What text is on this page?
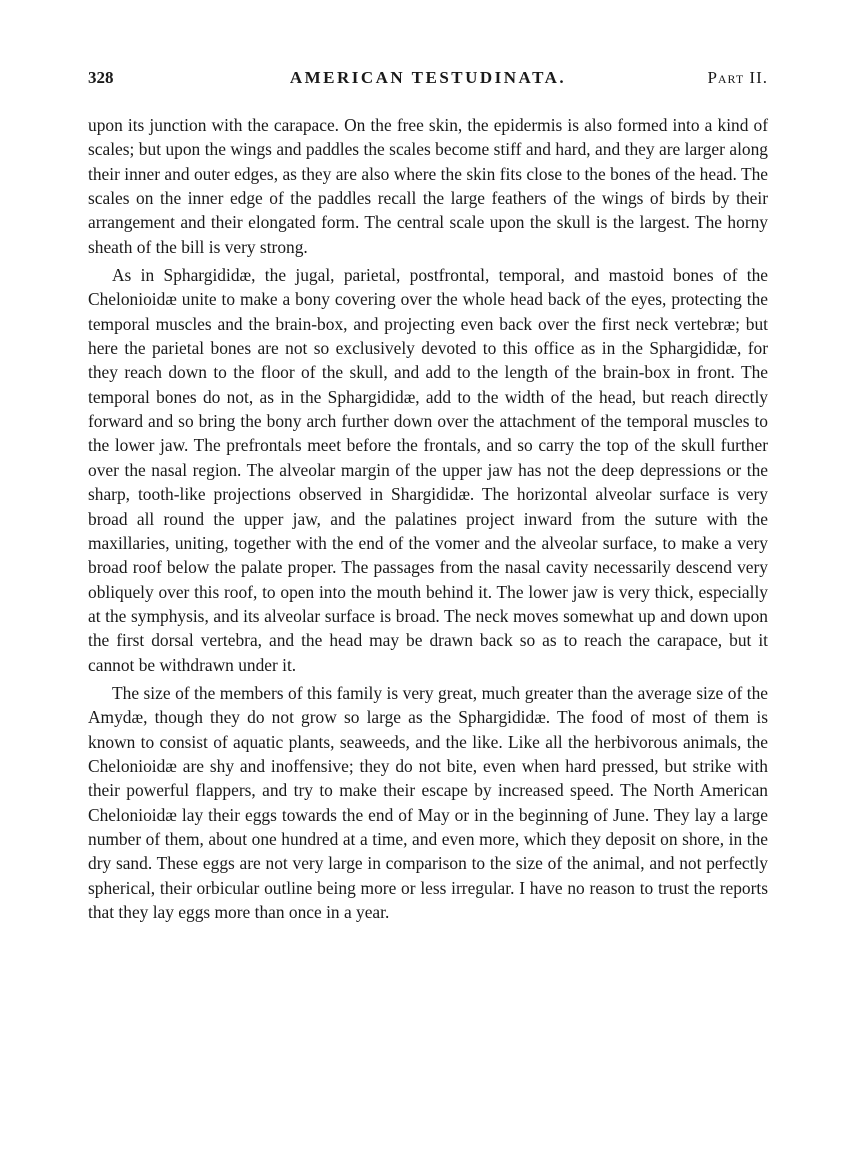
328	AMERICAN TESTUDINATA.	Part II.

upon its junction with the carapace. On the free skin, the epidermis is also formed into a kind of scales; but upon the wings and paddles the scales become stiff and hard, and they are larger along their inner and outer edges, as they are also where the skin fits close to the bones of the head. The scales on the inner edge of the paddles recall the large feathers of the wings of birds by their arrangement and their elongated form. The central scale upon the skull is the largest. The horny sheath of the bill is very strong.

As in Sphargididæ, the jugal, parietal, postfrontal, temporal, and mastoid bones of the Chelonioidæ unite to make a bony covering over the whole head back of the eyes, protecting the temporal muscles and the brain-box, and projecting even back over the first neck vertebræ; but here the parietal bones are not so exclusively devoted to this office as in the Sphargididæ, for they reach down to the floor of the skull, and add to the length of the brain-box in front. The temporal bones do not, as in the Sphargididæ, add to the width of the head, but reach directly forward and so bring the bony arch further down over the attachment of the temporal muscles to the lower jaw. The prefrontals meet before the frontals, and so carry the top of the skull further over the nasal region. The alveolar margin of the upper jaw has not the deep depressions or the sharp, tooth-like projections observed in Shargididæ. The horizontal alveolar surface is very broad all round the upper jaw, and the palatines project inward from the suture with the maxillaries, uniting, together with the end of the vomer and the alveolar surface, to make a very broad roof below the palate proper. The passages from the nasal cavity necessarily descend very obliquely over this roof, to open into the mouth behind it. The lower jaw is very thick, especially at the symphysis, and its alveolar surface is broad. The neck moves somewhat up and down upon the first dorsal vertebra, and the head may be drawn back so as to reach the carapace, but it cannot be withdrawn under it.

The size of the members of this family is very great, much greater than the average size of the Amydæ, though they do not grow so large as the Sphargididæ. The food of most of them is known to consist of aquatic plants, seaweeds, and the like. Like all the herbivorous animals, the Chelonioidæ are shy and inoffensive; they do not bite, even when hard pressed, but strike with their powerful flappers, and try to make their escape by increased speed. The North American Chelonioidæ lay their eggs towards the end of May or in the beginning of June. They lay a large number of them, about one hundred at a time, and even more, which they deposit on shore, in the dry sand. These eggs are not very large in comparison to the size of the animal, and not perfectly spherical, their orbicular outline being more or less irregular. I have no reason to trust the reports that they lay eggs more than once in a year.
